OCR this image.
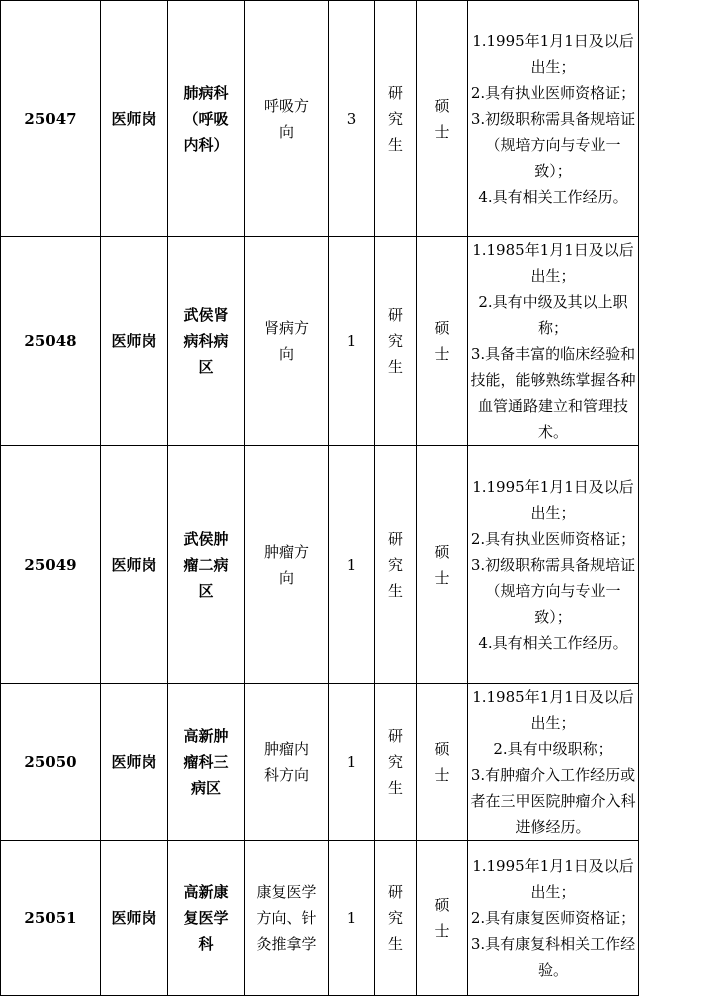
25047	医师岗	肺病科（呼吸内科）	呼吸方向	3	研究生	硕士	1.1995年1月1日及以后出生；

2.具有执业医师资格证；

3.初级职称需具备规培证（规培方向与专业一致）；

4.具有相关工作经历。

25048	医师岗	武侯肾病科病区	肾病方向	1	研究生	硕士	1.1985年1月1日及以后出生；

2.具有中级及其以上职称；

3.具备丰富的临床经验和技能，能够熟练掌握各种血管通路建立和管理技术。

25049	医师岗	武侯肿瘤二病区	肿瘤方向	1	研究生	硕士	1.1995年1月1日及以后出生；

2.具有执业医师资格证；

3.初级职称需具备规培证（规培方向与专业一致）；

4.具有相关工作经历。

25050	医师岗	高新肿瘤科三病区	肿瘤内科方向	1	研究生	硕士	1.1985年1月1日及以后出生；

2.具有中级职称；

3.有肿瘤介入工作经历或者在三甲医院肿瘤介入科进修经历。

25051	医师岗	高新康复医学科	康复医学方向、针灸推拿学	1	研究生	硕士	1.1995年1月1日及以后出生；

2.具有康复医师资格证；

3.具有康复科相关工作经验。
